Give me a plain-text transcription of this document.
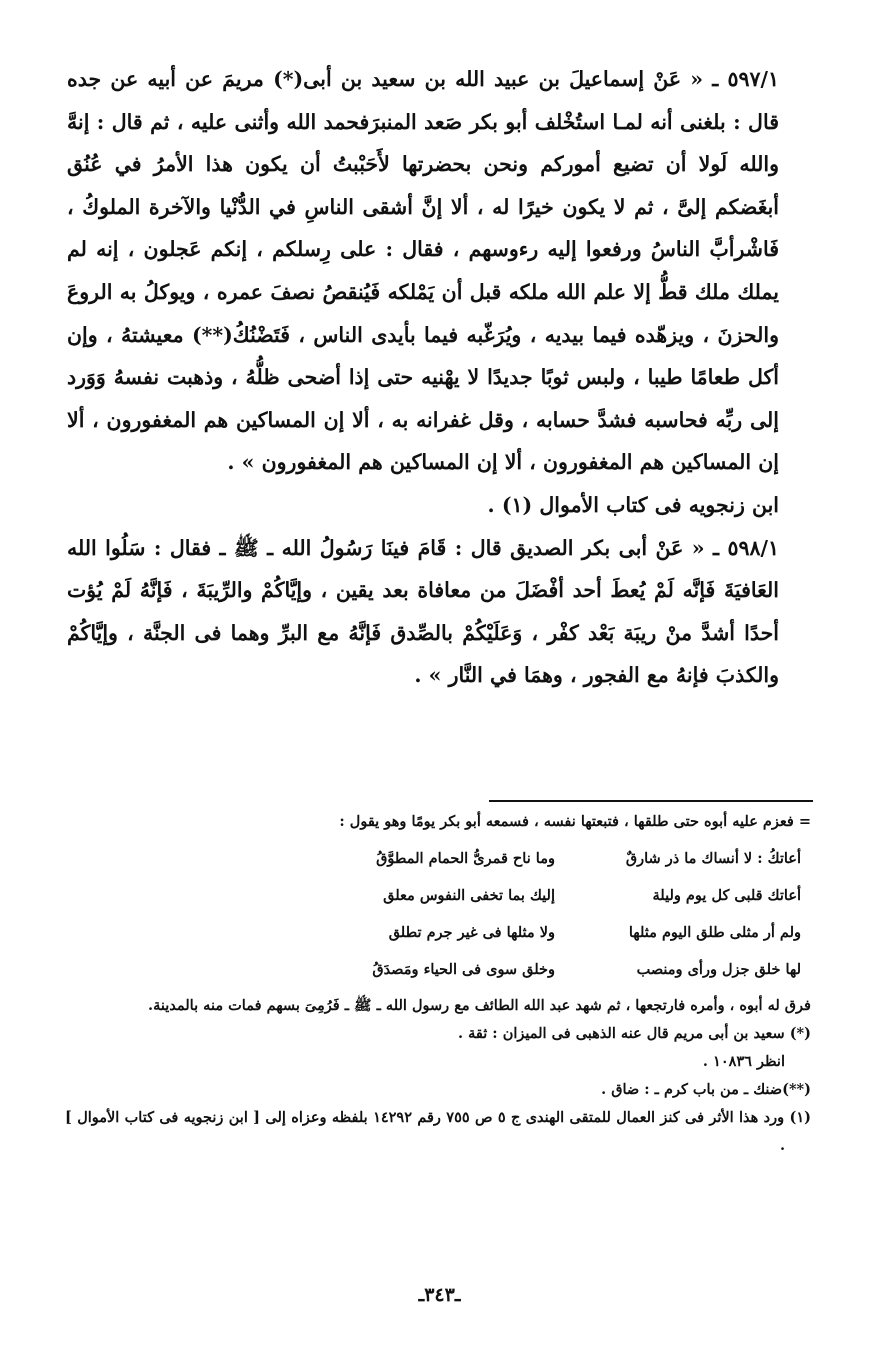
٥٩٧/١ ـ « عَنْ إسماعيلَ بن عبيد الله بن سعيد بن أبى(*) مريمَ عن أبيه عن جده قال : بلغنى أنه لمـا استُخْلف أبو بكر صَعد المنبرَفحمد الله وأثنى عليه ، ثم قال : إنهَّ والله لَولا أن تضيع أموركم ونحن بحضرتها لأَحَبْبتُ أن يكون هذا الأمرُ في عُنُق أبغَضكم إلىَّ ، ثم لا يكون خيرًا له ، ألا إنَّ أشقى الناسِ في الدُّنْيا والآخرة الملوكُ ، فَاشْرأبَّ الناسُ ورفعوا إليه رءوسهم ، فقال : على رِسلكم ، إنكم عَجلون ، إنه لم يملك ملك قطُّ إلا علم الله ملكه قبل أن يَمْلكه فَيُنقصُ نصفَ عمره ، ويوكلُ به الروعَ والحزنَ ، ويزهّده فيما بيديه ، ويُرَغّبه فيما بأيدى الناس ، فَتَضْنُكُ(**) معيشتهُ ، وإن أكل طعامًا طيبا ، ولبس ثوبًا جديدًا لا يهْنيه حتى إذا أضحى ظلُّهُ ، وذهبت نفسهُ وَوَرد إلى ربِّه فحاسبه فشدَّ حسابه ، وقل غفرانه به ، ألا إن المساكين هم المغفورون ، ألا إن المساكين هم المغفورون ، ألا إن المساكين هم المغفورون » .

ابن زنجويه فى كتاب الأموال (١) .

٥٩٨/١ ـ « عَنْ أبى بكر الصديق قال : قَامَ فينَا رَسُولُ الله ـ ﷺ ـ فقال : سَلُوا الله العَافيَةَ فَإنَّه لَمْ يُعطَ أحد أفْضَلَ من معافاة بعد يقين ، وإيَّاكُمْ والرِّيبَةَ ، فَإنَّهُ لَمْ يُؤت أحدًا أشدَّ منْ ريبَة بَعْد كفْر ، وَعَلَيْكُمْ بالصِّدق فَإنَّهُ مع البرِّ وهما فى الجنَّة ، وإيَّاكُمْ والكذبَ فإنهُ مع الفجور ، وهمَا في النَّار » .

= فعزم عليه أبوه حتى طلقها ، فتبعتها نفسه ، فسمعه أبو بكر يومًا وهو يقول :

أعاتكُ : لا أنساك ما ذر شارقٌ
وما ناح قمرىُّ الحمام المطوَّقُ
أعاتك قلبى كل يوم وليلة
إليك بما تخفى النفوس معلق
ولم أر مثلى طلق اليوم مثلها
ولا مثلها فى غير جرم تطلق
لها خلق جزل ورأى ومنصب
وخلق سوى فى الحياء ومَصدَقُ

فرق له أبوه ، وأمره فارتجعها ، ثم شهد عبد الله الطائف مع رسول الله ـ ﷺ ـ فَرُمِىَ بسهم فمات منه بالمدينة.

(*) سعيد بن أبى مريم قال عنه الذهبى فى الميزان : ثقة .

انظر ١٠٨٣٦ .

(**)ضنك ـ من باب كرم ـ : ضاق .

(١) ورد هذا الأثر فى كنز العمال للمتقى الهندى ج ٥ ص ٧٥٥ رقم ١٤٢٩٢ بلفظه وعزاه إلى [ ابن زنجويه فى كتاب الأموال ] .

ـ٣٤٣ـ
